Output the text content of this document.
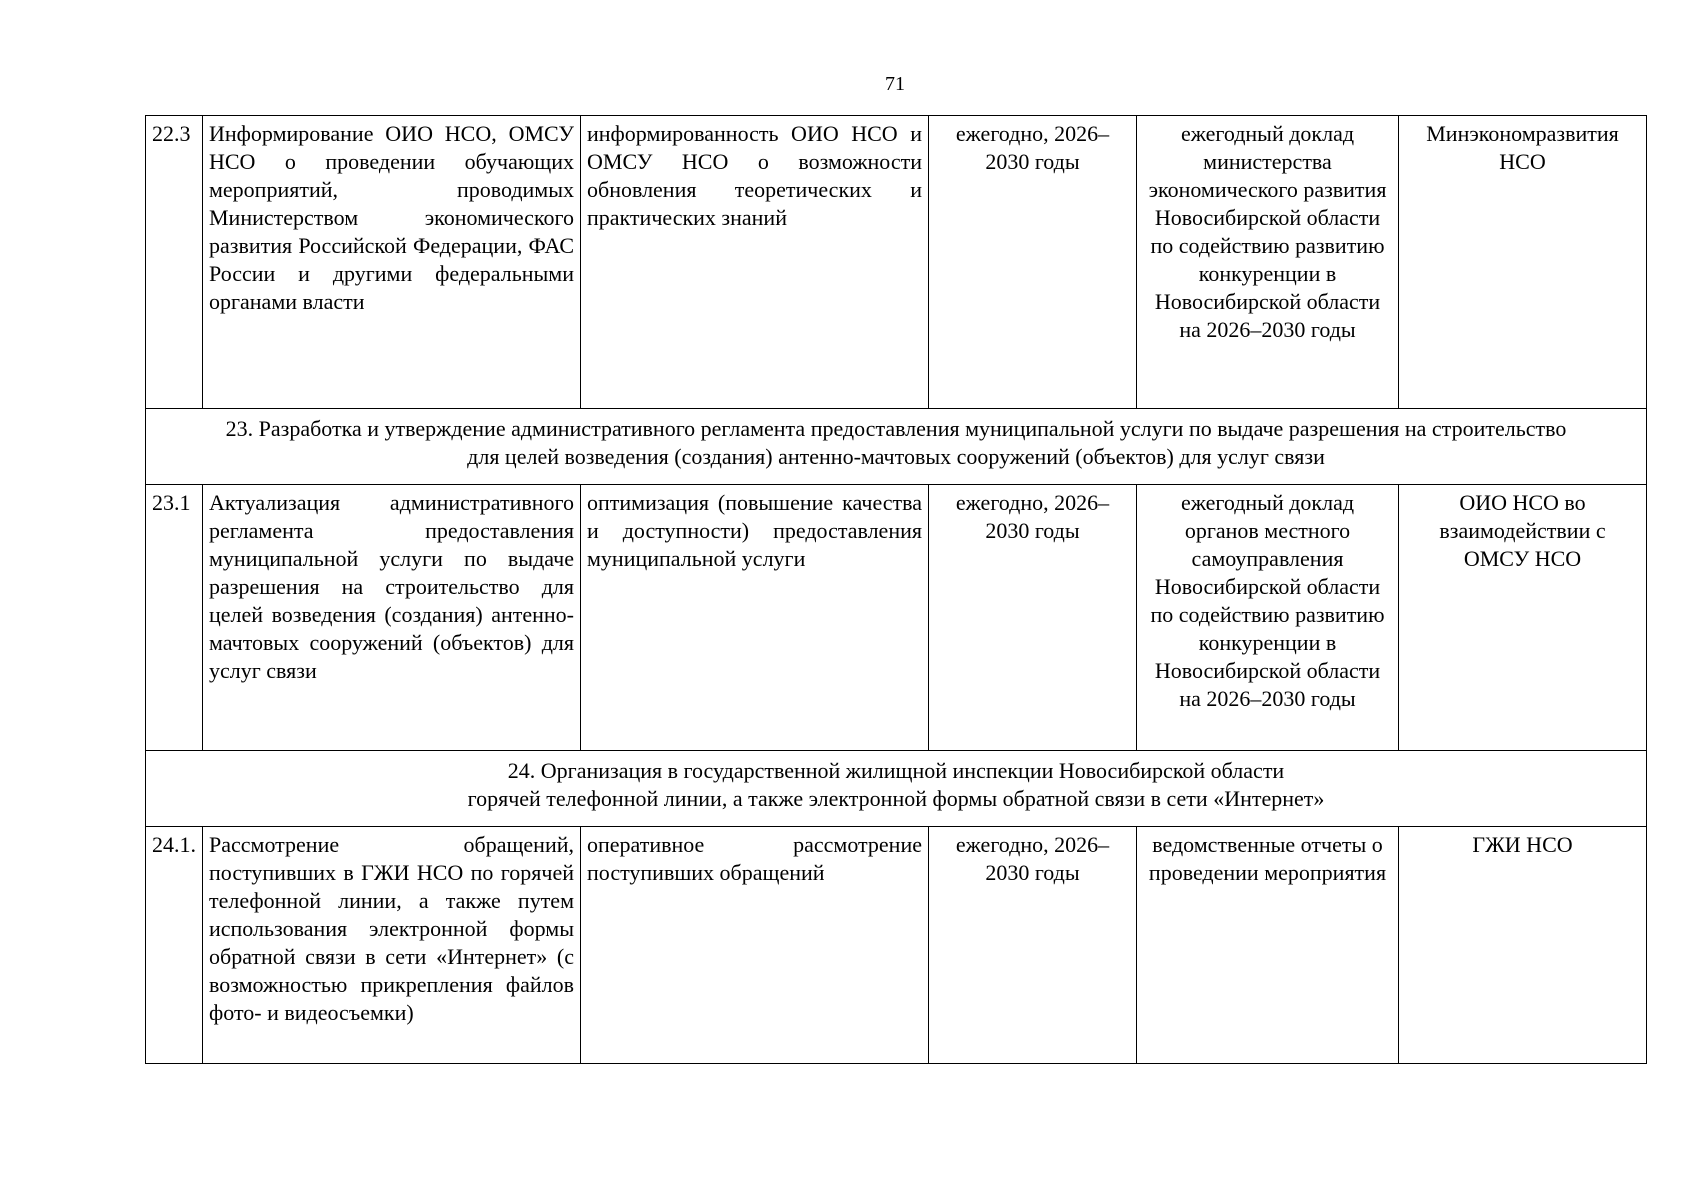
71
22.3	Информирование ОИО НСО, ОМСУ НСО о проведении обучающих мероприятий, проводимых Министерством экономического развития Российской Федерации, ФАС России и другими федеральными органами власти	информированность ОИО НСО и ОМСУ НСО о возможности обновления теоретических и практических знаний	ежегодно, 2026–2030 годы	ежегодный доклад министерства экономического развития Новосибирской области по содействию развитию конкуренции в Новосибирской области на 2026–2030 годы	Минэкономразвития НСО

23. Разработка и утверждение административного регламента предоставления муниципальной услуги по выдаче разрешения на строительство
для целей возведения (создания) антенно-мачтовых сооружений (объектов) для услуг связи					

23.1	Актуализация административного регламента предоставления муниципальной услуги по выдаче разрешения на строительство для целей возведения (создания) антенно-мачтовых сооружений (объектов) для услуг связи	оптимизация (повышение качества и доступности) предоставления муниципальной услуги	ежегодно, 2026–2030 годы	ежегодный доклад органов местного самоуправления Новосибирской области по содействию развитию конкуренции в Новосибирской области на 2026–2030 годы	ОИО НСО во взаимодействии с ОМСУ НСО

24. Организация в государственной жилищной инспекции Новосибирской области
горячей телефонной линии, а также электронной формы обратной связи в сети «Интернет»					

24.1.	Рассмотрение обращений, поступивших в ГЖИ НСО по горячей телефонной линии, а также путем использования электронной формы обратной связи в сети «Интернет» (с возможностью прикрепления файлов фото- и видеосъемки)	оперативное рассмотрение поступивших обращений	ежегодно, 2026–2030 годы	ведомственные отчеты о проведении мероприятия	ГЖИ НСО
